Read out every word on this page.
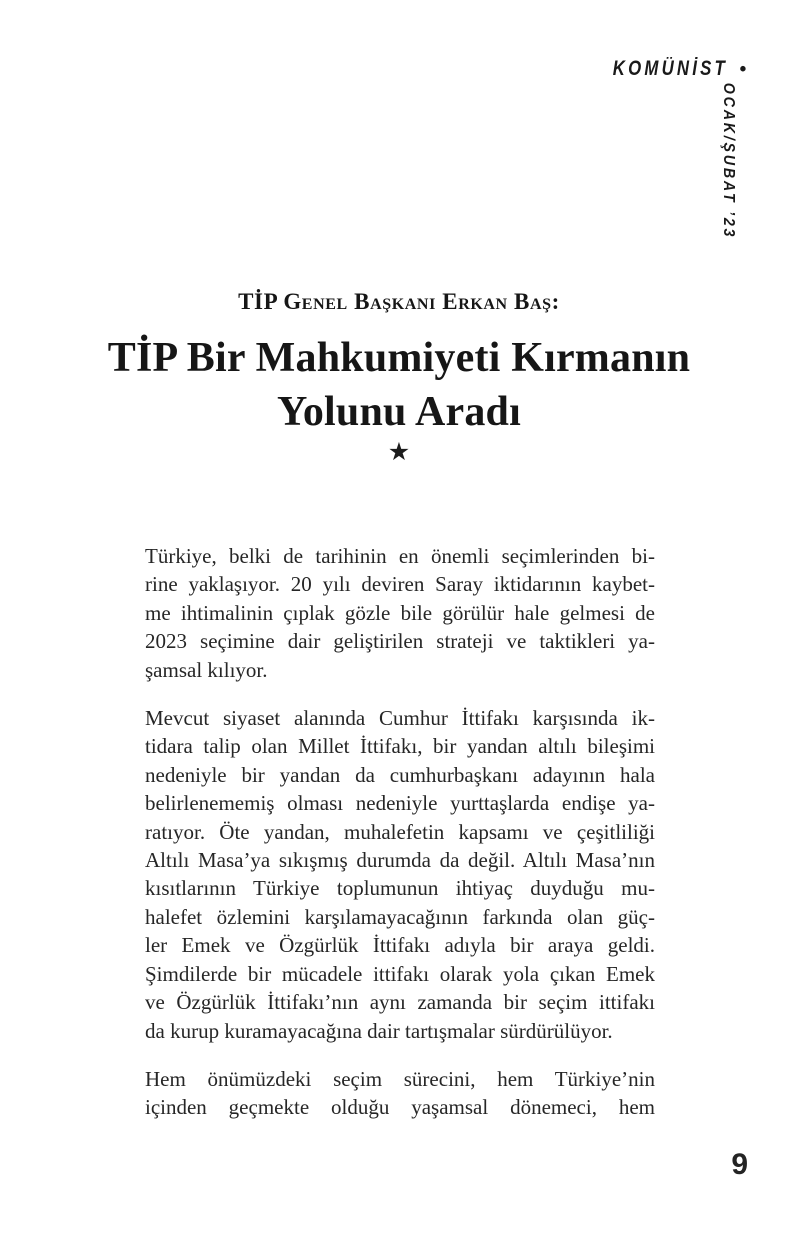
KOMÜNİST •
OCAK/ŞUBAT ’23
TİP Genel Başkanı Erkan Baş:
TİP Bir Mahkumiyeti Kırmanın
Yolunu Aradı
★
Türkiye, belki de tarihinin en önemli seçimlerinden bi-
rine yaklaşıyor. 20 yılı deviren Saray iktidarının kaybet-
me ihtimalinin çıplak gözle bile görülür hale gelmesi de
2023 seçimine dair geliştirilen strateji ve taktikleri ya-
şamsal kılıyor.
Mevcut siyaset alanında Cumhur İttifakı karşısında ik-
tidara talip olan Millet İttifakı, bir yandan altılı bileşimi
nedeniyle bir yandan da cumhurbaşkanı adayının hala
belirlenememiş olması nedeniyle yurttaşlarda endişe ya-
ratıyor. Öte yandan, muhalefetin kapsamı ve çeşitliliği
Altılı Masa’ya sıkışmış durumda da değil. Altılı Masa’nın
kısıtlarının Türkiye toplumunun ihtiyaç duyduğu mu-
halefet özlemini karşılamayacağının farkında olan güç-
ler Emek ve Özgürlük İttifakı adıyla bir araya geldi.
Şimdilerde bir mücadele ittifakı olarak yola çıkan Emek
ve Özgürlük İttifakı’nın aynı zamanda bir seçim ittifakı
da kurup kuramayacağına dair tartışmalar sürdürülüyor.
Hem önümüzdeki seçim sürecini, hem Türkiye’nin
içinden geçmekte olduğu yaşamsal dönemeci, hem
9
